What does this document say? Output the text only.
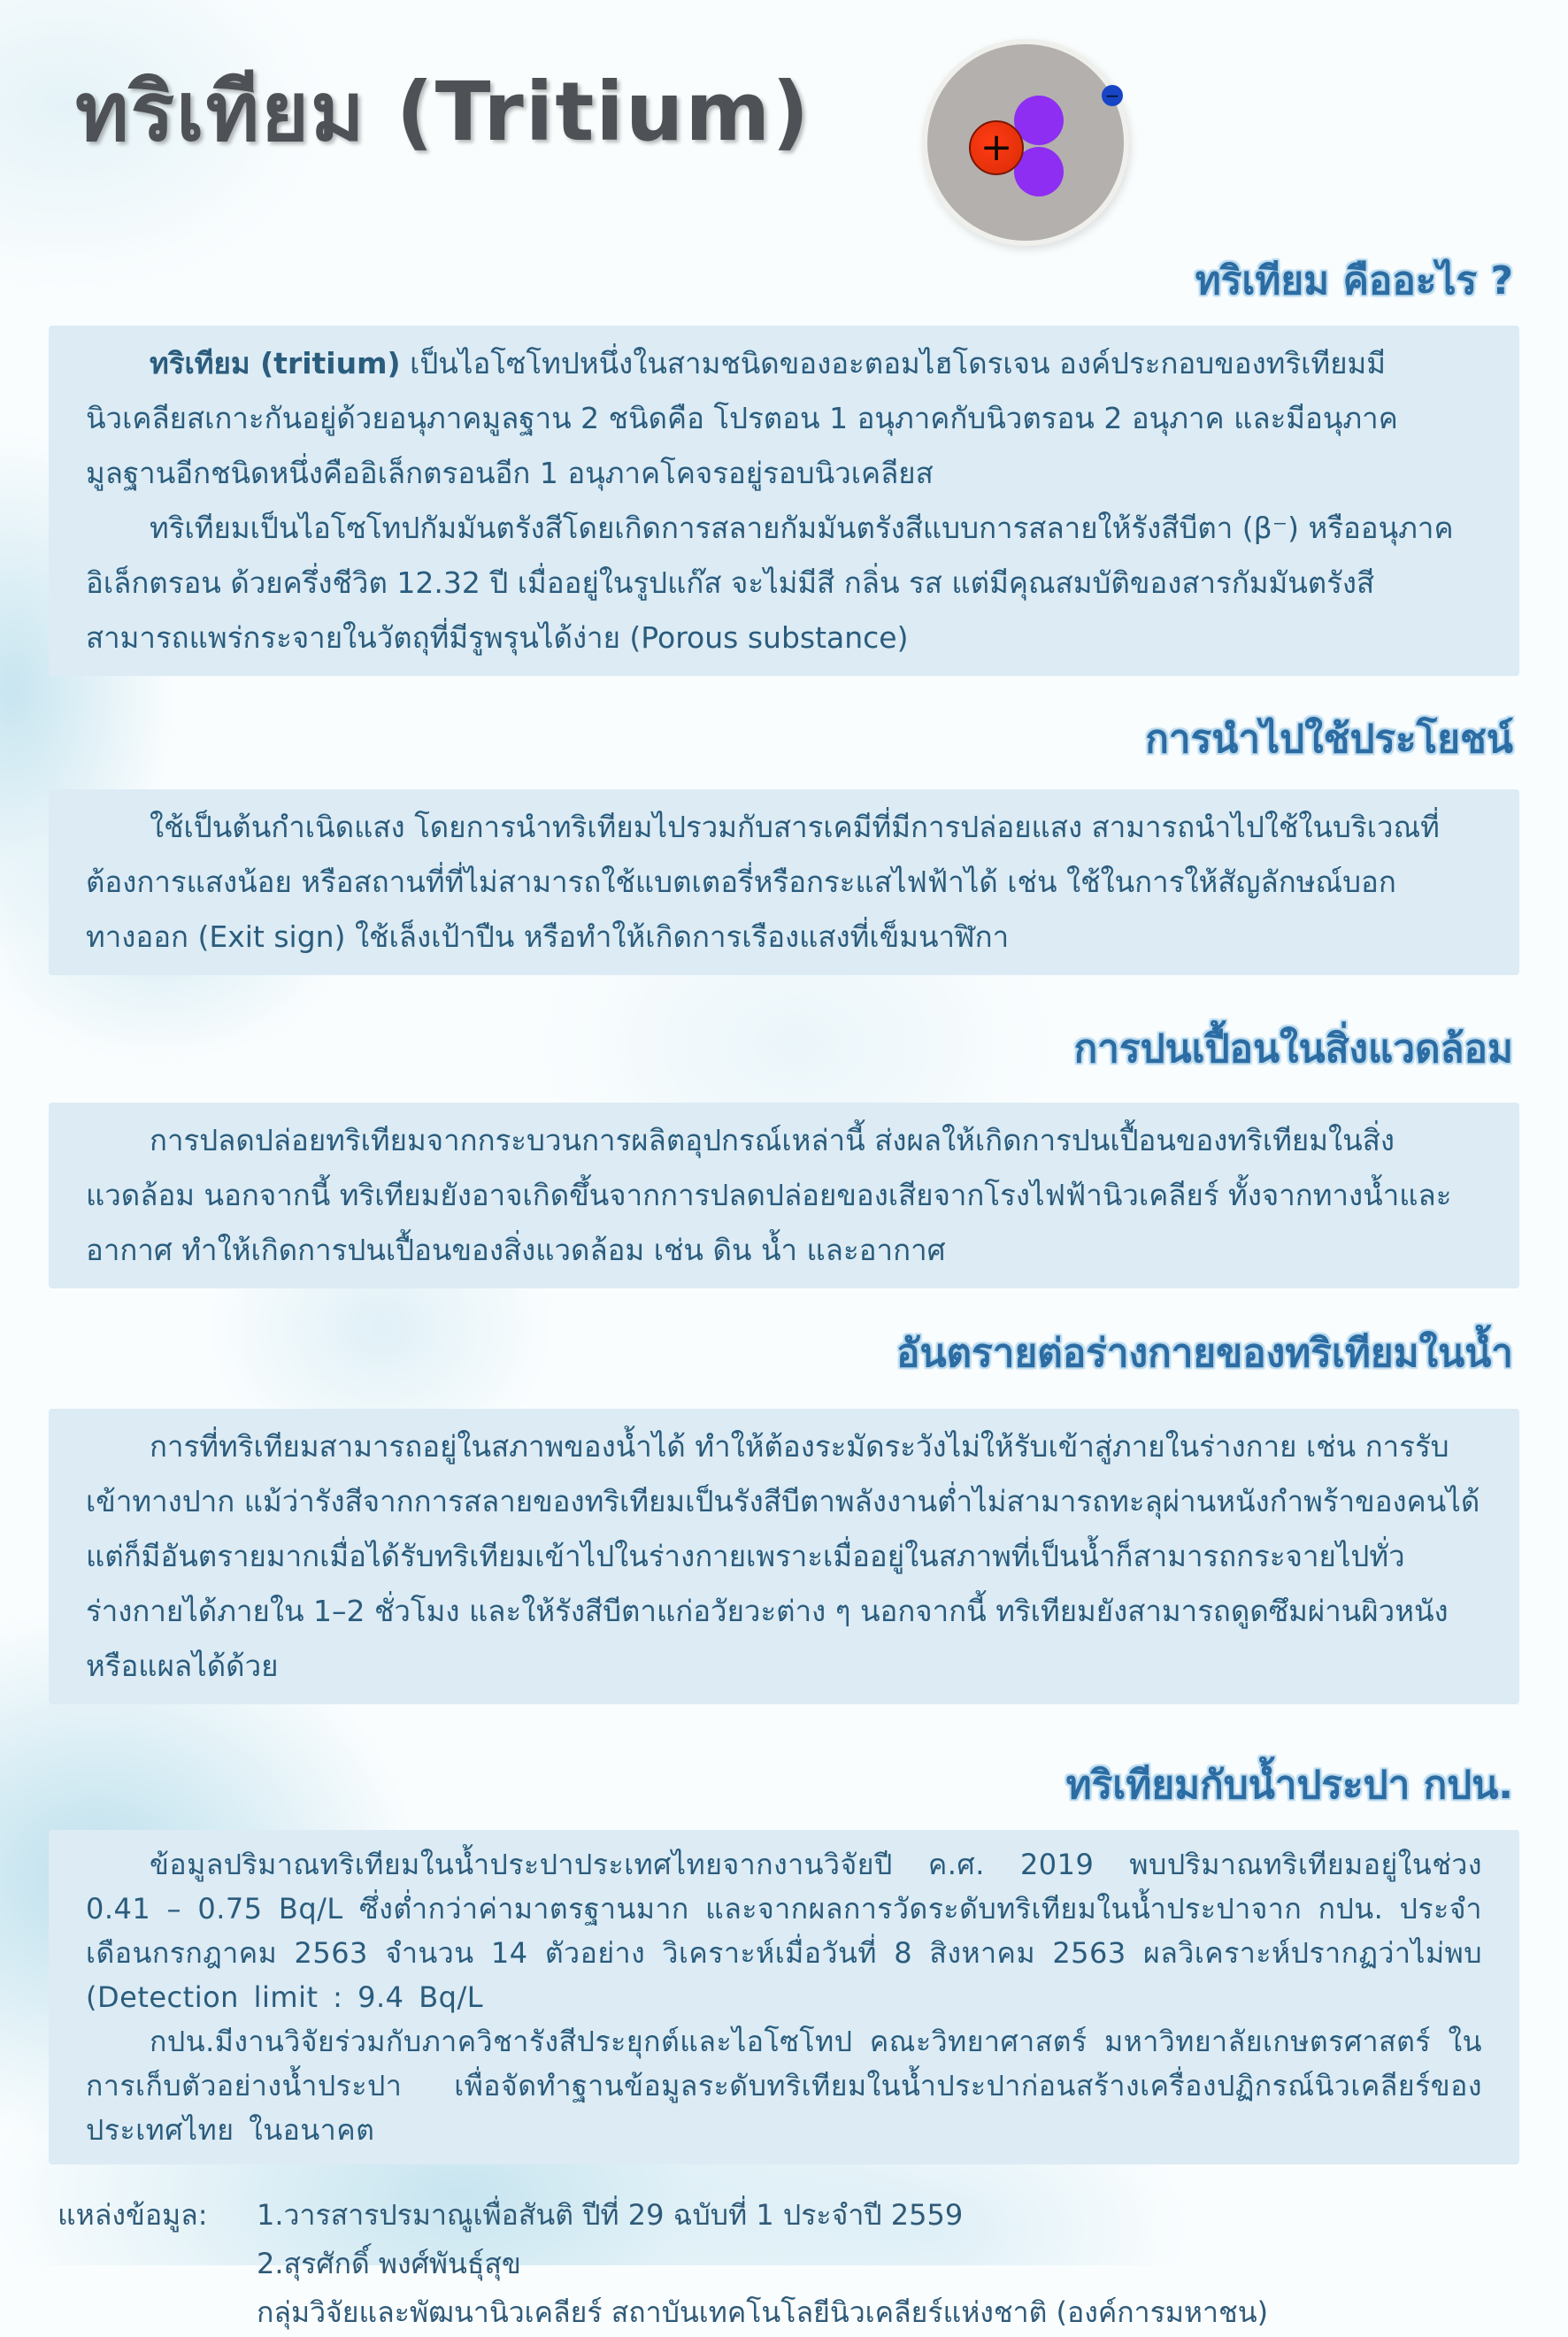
ทริเทียม (Tritium)	+
−
ทริเทียม คืออะไร ?

ทริเทียม (tritium) เป็นไอโซโทปหนึ่งในสามชนิดของอะตอมไฮโดรเจน องค์ประกอบของทริเทียมมีนิวเคลียสเกาะกันอยู่ด้วยอนุภาคมูลฐาน 2 ชนิดคือ โปรตอน 1 อนุภาคกับนิวตรอน 2 อนุภาค และมีอนุภาคมูลฐานอีกชนิดหนึ่งคืออิเล็กตรอนอีก 1 อนุภาคโคจรอยู่รอบนิวเคลียส

ทริเทียมเป็นไอโซโทปกัมมันตรังสีโดยเกิดการสลายกัมมันตรังสีแบบการสลายให้รังสีบีตา (β⁻) หรืออนุภาคอิเล็กตรอน ด้วยครึ่งชีวิต 12.32 ปี เมื่ออยู่ในรูปแก๊ส จะไม่มีสี กลิ่น รส แต่มีคุณสมบัติของสารกัมมันตรังสี สามารถแพร่กระจายในวัตถุที่มีรูพรุนได้ง่าย (Porous substance)

การนำไปใช้ประโยชน์

ใช้เป็นต้นกำเนิดแสง โดยการนำทริเทียมไปรวมกับสารเคมีที่มีการปล่อยแสง สามารถนำไปใช้ในบริเวณที่ต้องการแสงน้อย หรือสถานที่ที่ไม่สามารถใช้แบตเตอรี่หรือกระแสไฟฟ้าได้ เช่น ใช้ในการให้สัญลักษณ์บอกทางออก (Exit sign) ใช้เล็งเป้าปืน หรือทำให้เกิดการเรืองแสงที่เข็มนาฬิกา

การปนเปื้อนในสิ่งแวดล้อม

การปลดปล่อยทริเทียมจากกระบวนการผลิตอุปกรณ์เหล่านี้ ส่งผลให้เกิดการปนเปื้อนของทริเทียมในสิ่งแวดล้อม นอกจากนี้ ทริเทียมยังอาจเกิดขึ้นจากการปลดปล่อยของเสียจากโรงไฟฟ้านิวเคลียร์ ทั้งจากทางน้ำและอากาศ ทำให้เกิดการปนเปื้อนของสิ่งแวดล้อม เช่น ดิน น้ำ และอากาศ

อันตรายต่อร่างกายของทริเทียมในน้ำ

การที่ทริเทียมสามารถอยู่ในสภาพของน้ำได้ ทำให้ต้องระมัดระวังไม่ให้รับเข้าสู่ภายในร่างกาย เช่น การรับเข้าทางปาก แม้ว่ารังสีจากการสลายของทริเทียมเป็นรังสีบีตาพลังงานต่ำไม่สามารถทะลุผ่านหนังกำพร้าของคนได้ แต่ก็มีอันตรายมากเมื่อได้รับทริเทียมเข้าไปในร่างกายเพราะเมื่ออยู่ในสภาพที่เป็นน้ำก็สามารถกระจายไปทั่วร่างกายได้ภายใน 1–2 ชั่วโมง และให้รังสีบีตาแก่อวัยวะต่าง ๆ นอกจากนี้ ทริเทียมยังสามารถดูดซึมผ่านผิวหนังหรือแผลได้ด้วย

ทริเทียมกับน้ำประปา กปน.

ข้อมูลปริมาณทริเทียมในน้ำประปาประเทศไทยจากงานวิจัยปี ค.ศ. 2019 พบปริมาณทริเทียมอยู่ในช่วง 0.41 – 0.75 Bq/L ซึ่งต่ำกว่าค่ามาตรฐานมาก และจากผลการวัดระดับทริเทียมในน้ำประปาจาก กปน. ประจำเดือนกรกฎาคม 2563 จำนวน 14 ตัวอย่าง วิเคราะห์เมื่อวันที่ 8 สิงหาคม 2563 ผลวิเคราะห์ปรากฏว่าไม่พบ (Detection limit : 9.4 Bq/L

กปน.มีงานวิจัยร่วมกับภาควิชารังสีประยุกต์และไอโซโทป คณะวิทยาศาสตร์ มหาวิทยาลัยเกษตรศาสตร์ ในการเก็บตัวอย่างน้ำประปา เพื่อจัดทำฐานข้อมูลระดับทริเทียมในน้ำประปาก่อนสร้างเครื่องปฏิกรณ์นิวเคลียร์ของประเทศไทย ในอนาคต

แหล่งข้อมูล:	1.วารสารปรมาณูเพื่อสันติ ปีที่ 29 ฉบับที่ 1 ประจำปี 2559
2.สุรศักดิ์ พงศ์พันธุ์สุข
กลุ่มวิจัยและพัฒนานิวเคลียร์ สถาบันเทคโนโลยีนิวเคลียร์แห่งชาติ (องค์การมหาชน)
